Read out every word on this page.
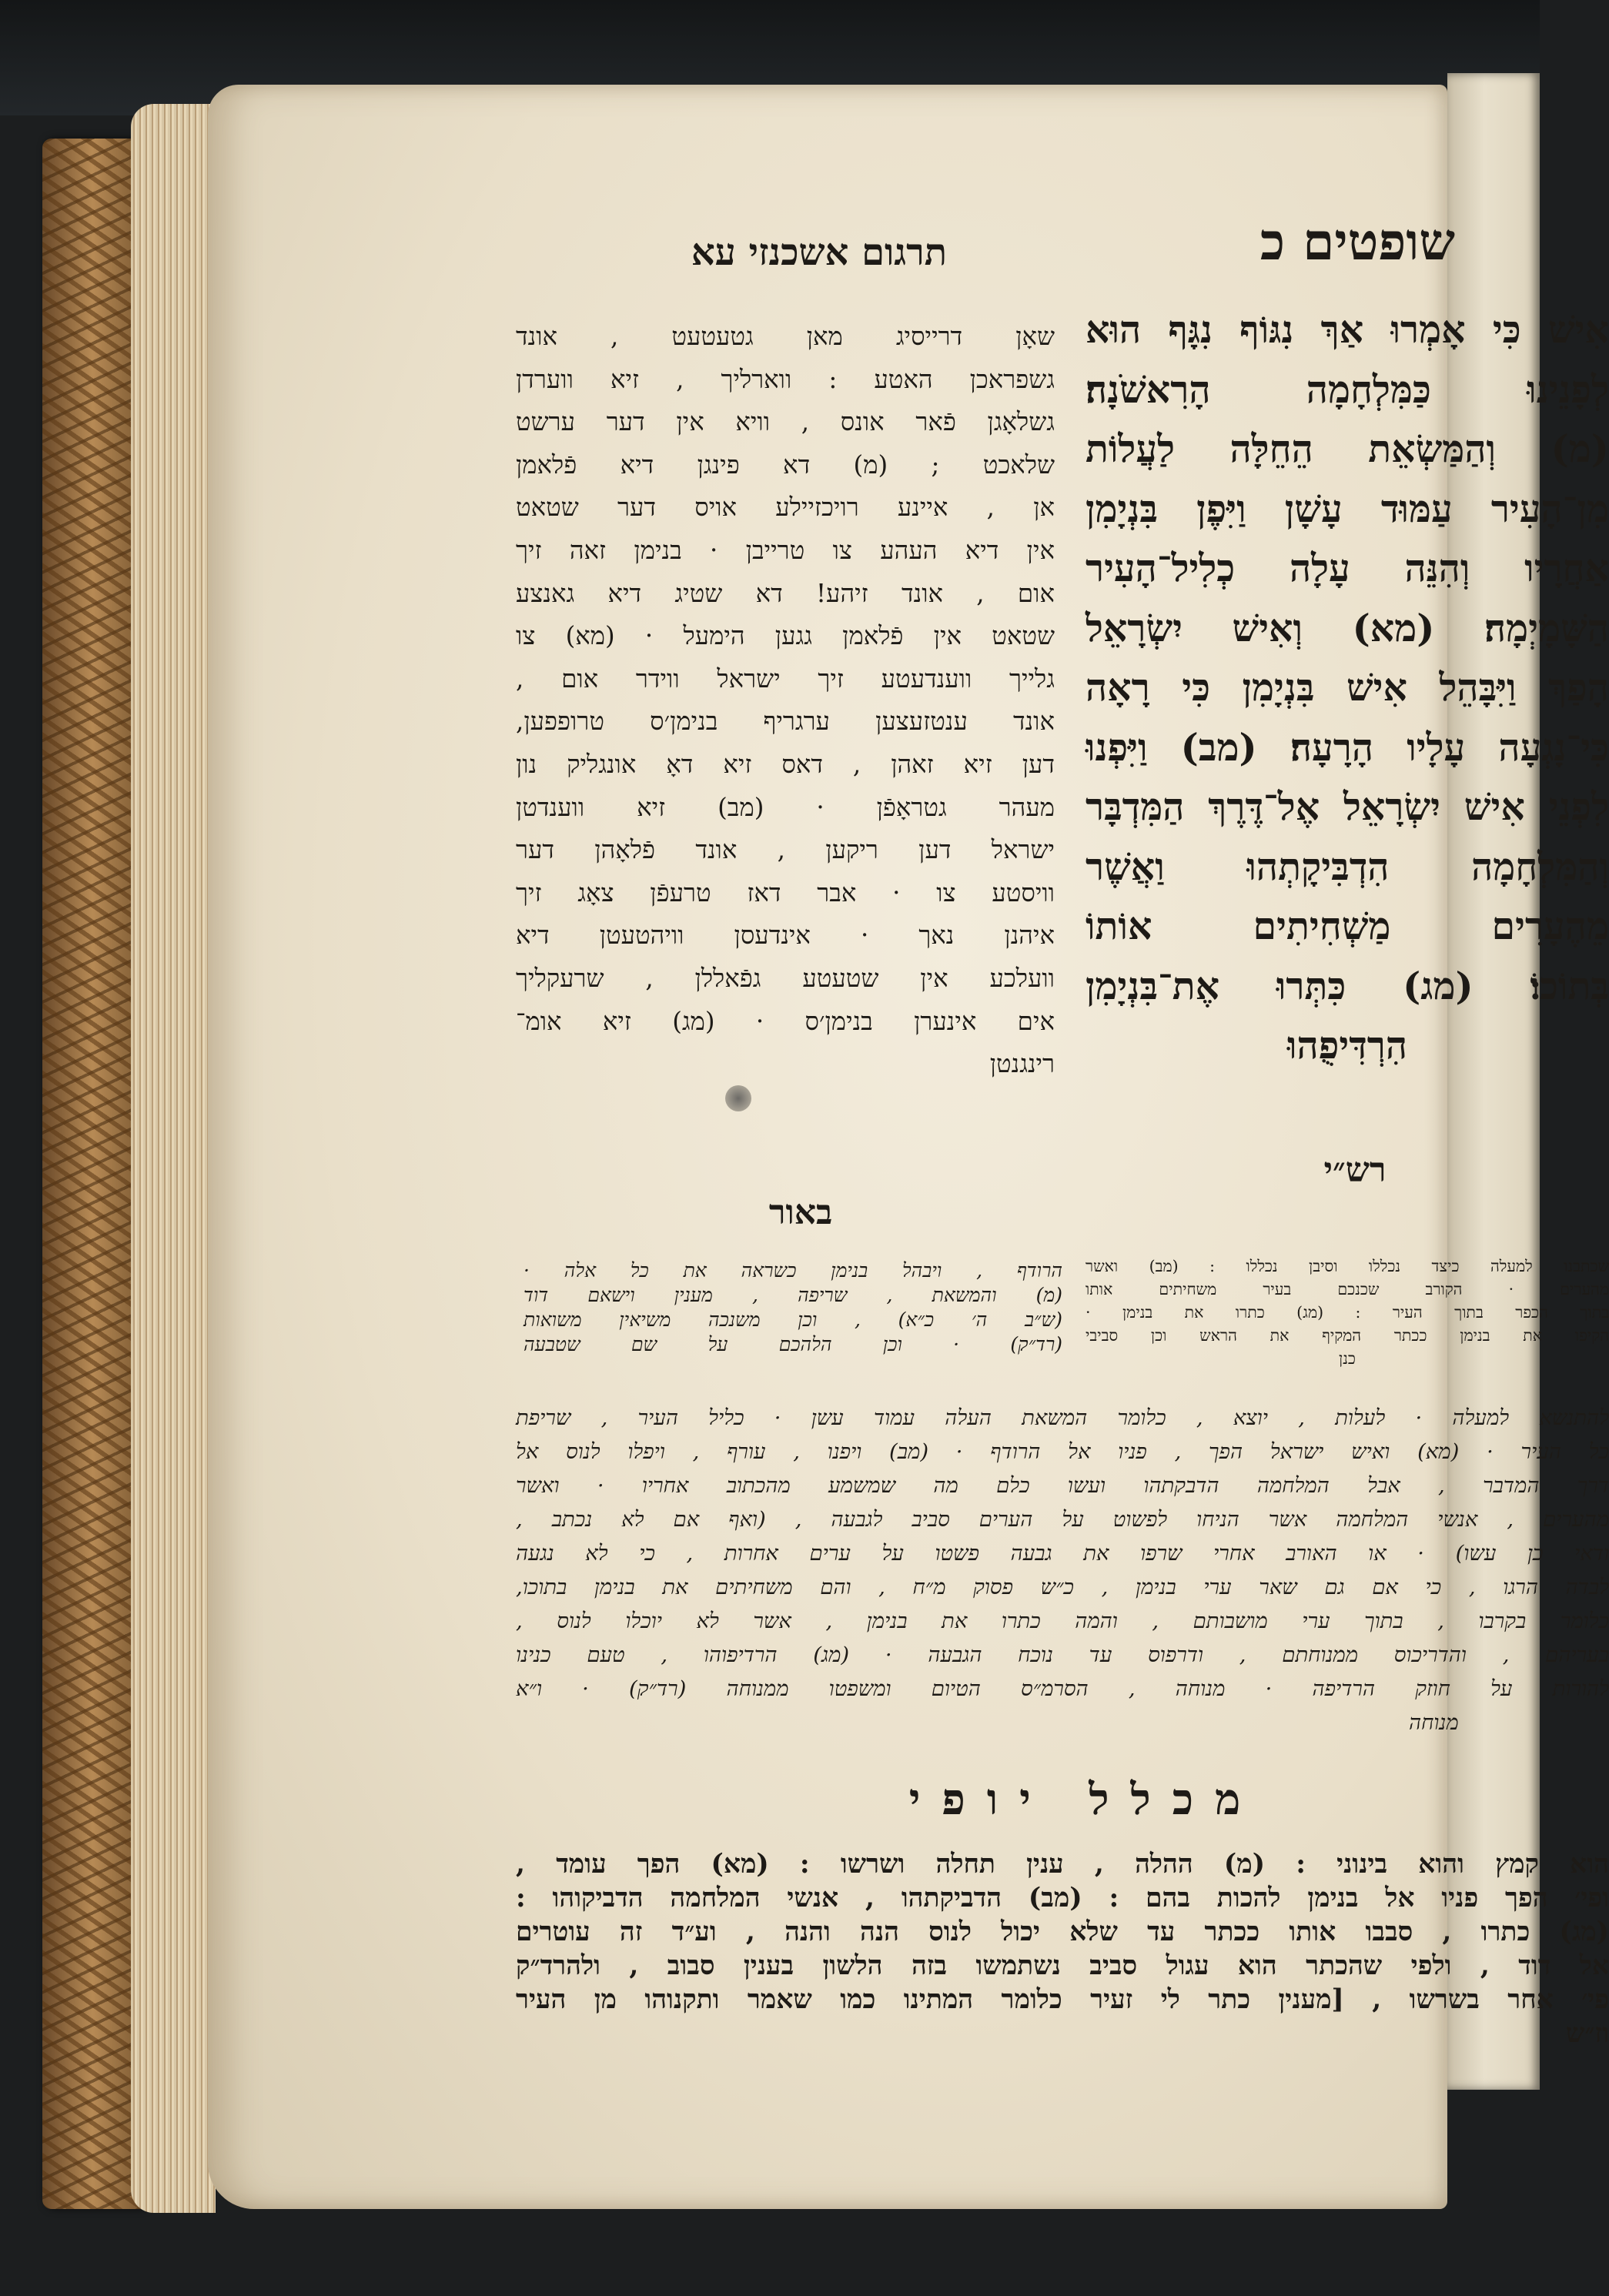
שופטים כ
תרגום אשכנזי עא
אִישׁ כִּי אָמְרוּ אַךְ נִגּוֹף נִגָּף הוּא
לְפָנֵינוּ כַּמִּלְחָמָה הָרִאשֹׁנָה׃
(מ) וְהַמַּשְׂאֵת הֵחֵלָּה לַעֲלוֹת
מִן־הָעִיר עַמּוּד עָשָׁן וַיִּפֶן בִּנְיָמִן
אַחֲרָיו וְהִנֵּה עָלָה כְלִיל־הָעִיר
הַשָּׁמָיְמָה׃ (מא) וְאִישׁ יִשְׂרָאֵל
הָפַךְ וַיִּבָּהֵל אִישׁ בִּנְיָמִן כִּי רָאָה
כִּי־נָגְעָה עָלָיו הָרָעָה׃ (מב) וַיִּפְנוּ
לִפְנֵי אִישׁ יִשְׂרָאֵל אֶל־דֶּרֶךְ הַמִּדְבָּר
וְהַמִּלְחָמָה הִדְבִּיקָתְהוּ וַאֲשֶׁר
מֵהֶעָרִים מַשְׁחִיתִים אוֹתוֹ
בְּתוֹכוֹ׃ (מג) כִּתְּרוּ אֶת־בִּנְיָמִן
הִרְדִּיפֻהוּ
שאָן דרייסיג מאן גטעטעט , אונד
גשפראכן האטע : ווארליך , זיא ווערדן
גשלאָגן פֿאר אונס , וויא אין דער ערשט
שלאכט ; (מ) דא פינגן דיא פֿלאמן
אן , איינע רויכזיילע אויס דער שטאט
אין דיא העהע צו טרייבן · בנימן זאה זיך
אום , אונד זיהע! דא שטיג דיא גאנצע
שטאט אין פֿלאמן גגען הימעל · (מא) צו
גלייך ווענדעטע זיך ישראל ווידר אום ,
אונד ענטזעצען ערגריף בנימן׳ס טרופפען,
דען זיא זאהן , דאס זיא דאָ אונגליק נון
מעהר גטראָפֿן · (מב) זיא ווענדטן
ישראל דען ריקען , אונד פֿלאָהן דער
וויסטע צו · אבר דאז טרעפֿן צאָג זיך
איהנן נאך · אינדעסן וויהטעטן דיא
וועלכע אין שטעטע גפֿאללן , שרעקליך
אים אינערן בנימן׳ס · (מג) זיא אומ־
רינגנטן
רש״י
באור
שכתבנו למעלה כיצד נכללו וסיבן נכללו : (מב) ואשר
מהערים · הקורב שכנכם בעיר משחיתים אותו
בתוך הכפר בתוך העיר : (מג) כתרו את בנימן ·
הקיפו את בנימן ככתר המקיף את הראש וכן סביבי
כנן
הרודף , ויבהל בנימן כשראה את כל אלה ·
(מ) והמשאת , שריפה , מענין וישאם דוד
(ש״ב ה׳ כ״א) , וכן משנכה משיאין משואות
(רד״ק) · וכן הלהכם על שם שטבעה
להתנשא למעלה · לעלות , יוצא , כלומר המשאת העלה עמוד עשן · כליל העיר , שריפת
כל העיר · (מא) ואיש ישראל הפך , פניו אל הרודף · (מב) ויפנו , עורף , ויפלו לנוס אל
דרך המדבר , אבל המלחמה הדבקתהו ועשו כלם מה שמשמע מהכתוב אחריו · ואשר
מהערים , אנשי המלחמה אשר הניחו לפשוט על הערים סביב לגבעה , (ואף אם לא נכתב ,
ודאי כן עשו) · או האורב אחרי שרפו את גבעה פשטו על ערים אחרות , כי לא נגעה
לבדה הרגו , כי אם גם שאר ערי בנימן , כ״ש פסוק מ״ח , והם משחיתים את בנימן בתוכו,
כלומר בקרבו , בתוך ערי מושבותם , והמה כתרו את בנימן , אשר לא יוכלו לנוס ,
בעריהם , והדריכוס ממנוחתם , ודרפוס עד נוכח הגבעה · (מג) הרדיפוהו , טעם כנינו
להורות על חוזק הרדיפה · מנוחה , הסרמ״ס הטיום ומשפטו ממנוחה (רד״ק) · ו״א
מנוחה
מכלל יופי
הוא קמץ והוא בינוני : (מ) ההלה , ענין תחלה ושרשו : (מא) הפך עומד ,
ופי׳ הפך פניו אל בנימן להכות בהם : (מב) הדביקתהו , אנשי המלחמה הדביקוהו :
(מג) כתרו , סבבו אותו ככתר עד שלא יכול לנוס הנה והנה , וע״ד זה עוטרים
אל דוד , ולפי שהכתר הוא עגול סביב נשתמשו בזה הלשון בענין סבוב , ולהרד״ק
פי׳ אחר בשרשו , [מענין כתר לי זעיר כלומר המתינו כמו שאמר ותקנוהו מן העיר
וז״ש
